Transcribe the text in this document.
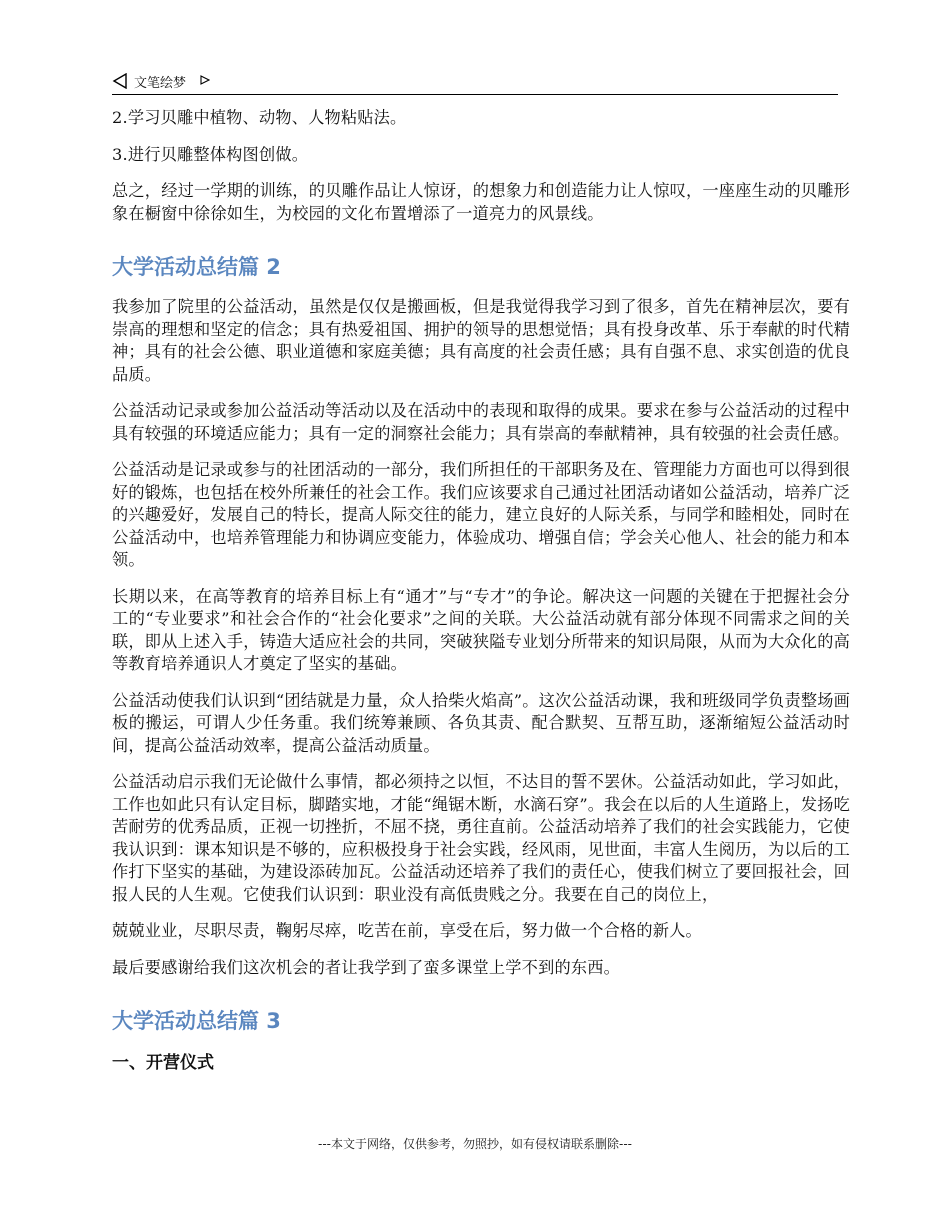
文笔绘梦

2.学习贝雕中植物、动物、人物粘贴法。

3.进行贝雕整体构图创做。

总之，经过一学期的训练，的贝雕作品让人惊讶，的想象力和创造能力让人惊叹，一座座生动的贝雕形象在橱窗中徐徐如生，为校园的文化布置增添了一道亮力的风景线。

大学活动总结篇 2

我参加了院里的公益活动，虽然是仅仅是搬画板，但是我觉得我学习到了很多，首先在精神层次，要有崇高的理想和坚定的信念；具有热爱祖国、拥护的领导的思想觉悟；具有投身改革、乐于奉献的时代精神；具有的社会公德、职业道德和家庭美德；具有高度的社会责任感；具有自强不息、求实创造的优良品质。

公益活动记录或参加公益活动等活动以及在活动中的表现和取得的成果。要求在参与公益活动的过程中具有较强的环境适应能力；具有一定的洞察社会能力；具有崇高的奉献精神，具有较强的社会责任感。

公益活动是记录或参与的社团活动的一部分，我们所担任的干部职务及在、管理能力方面也可以得到很好的锻炼，也包括在校外所兼任的社会工作。我们应该要求自己通过社团活动诸如公益活动，培养广泛的兴趣爱好，发展自己的特长，提高人际交往的能力，建立良好的人际关系，与同学和睦相处，同时在公益活动中，也培养管理能力和协调应变能力，体验成功、增强自信；学会关心他人、社会的能力和本领。

长期以来，在高等教育的培养目标上有“通才”与“专才”的争论。解决这一问题的关键在于把握社会分工的“专业要求”和社会合作的“社会化要求”之间的关联。大公益活动就有部分体现不同需求之间的关联，即从上述入手，铸造大适应社会的共同，突破狭隘专业划分所带来的知识局限，从而为大众化的高等教育培养通识人才奠定了坚实的基础。

公益活动使我们认识到“团结就是力量，众人拾柴火焰高”。这次公益活动课，我和班级同学负责整场画板的搬运，可谓人少任务重。我们统筹兼顾、各负其责、配合默契、互帮互助，逐渐缩短公益活动时间，提高公益活动效率，提高公益活动质量。

公益活动启示我们无论做什么事情，都必须持之以恒，不达目的誓不罢休。公益活动如此，学习如此，工作也如此只有认定目标，脚踏实地，才能“绳锯木断，水滴石穿”。我会在以后的人生道路上，发扬吃苦耐劳的优秀品质，正视一切挫折，不屈不挠，勇往直前。公益活动培养了我们的社会实践能力，它使我认识到：课本知识是不够的，应积极投身于社会实践，经风雨，见世面，丰富人生阅历，为以后的工作打下坚实的基础，为建设添砖加瓦。公益活动还培养了我们的责任心，使我们树立了要回报社会，回报人民的人生观。它使我们认识到：职业没有高低贵贱之分。我要在自己的岗位上，

兢兢业业，尽职尽责，鞠躬尽瘁，吃苦在前，享受在后，努力做一个合格的新人。

最后要感谢给我们这次机会的者让我学到了蛮多课堂上学不到的东西。

大学活动总结篇 3
一、开营仪式
---本文于网络，仅供参考，勿照抄，如有侵权请联系删除---
